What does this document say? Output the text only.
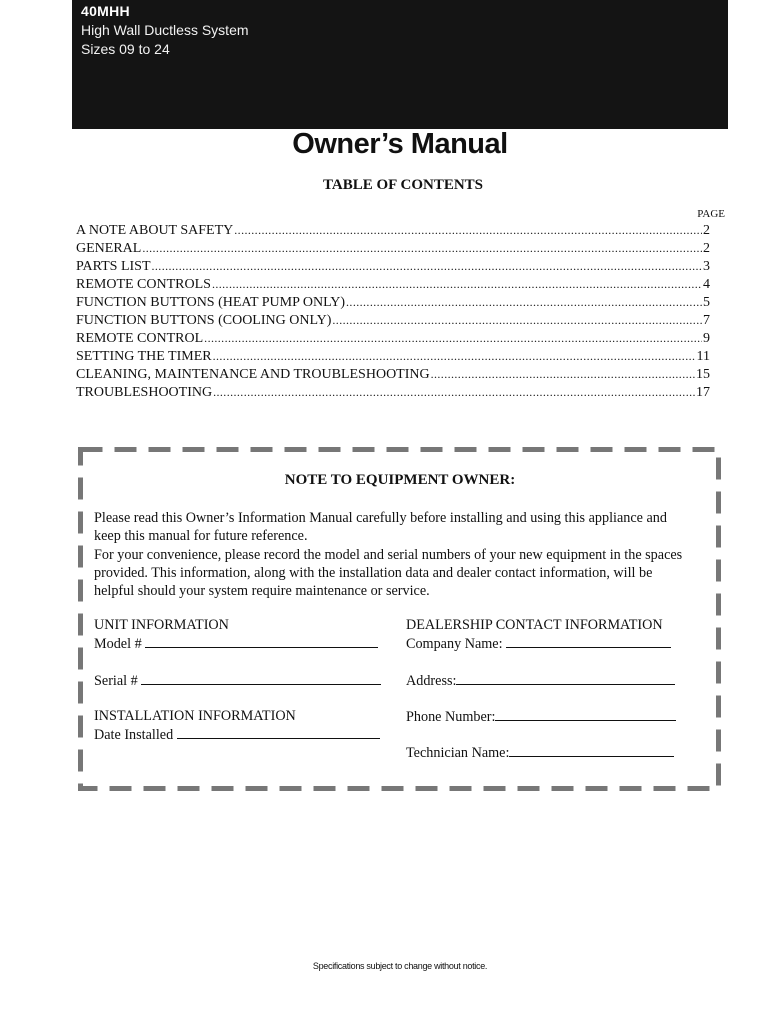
40MHH
High Wall Ductless System
Sizes 09 to 24
Owner’s Manual
TABLE OF CONTENTS
PAGE
A NOTE ABOUT SAFETY .....	2
GENERAL .....	2
PARTS LIST .....	3
REMOTE CONTROLS .....	4
FUNCTION BUTTONS (HEAT PUMP ONLY) .....	5
FUNCTION BUTTONS (COOLING ONLY) .....	7
REMOTE CONTROL .....	9
SETTING THE TIMER .....	11
CLEANING, MAINTENANCE AND TROUBLESHOOTING .....	15
TROUBLESHOOTING .....	17
NOTE TO EQUIPMENT OWNER:
Please read this Owner’s Information Manual carefully before installing and using this appliance and
keep this manual for future reference.
For your convenience, please record the model and serial numbers of your new equipment in the spaces
provided. This information, along with the installation data and dealer contact information, will be
helpful should your system require maintenance or service.
UNIT INFORMATION
Model #
Serial #
INSTALLATION INFORMATION
Date Installed
DEALERSHIP CONTACT INFORMATION
Company Name:
Address:
Phone Number:
Technician Name:
Specifications subject to change without notice.
